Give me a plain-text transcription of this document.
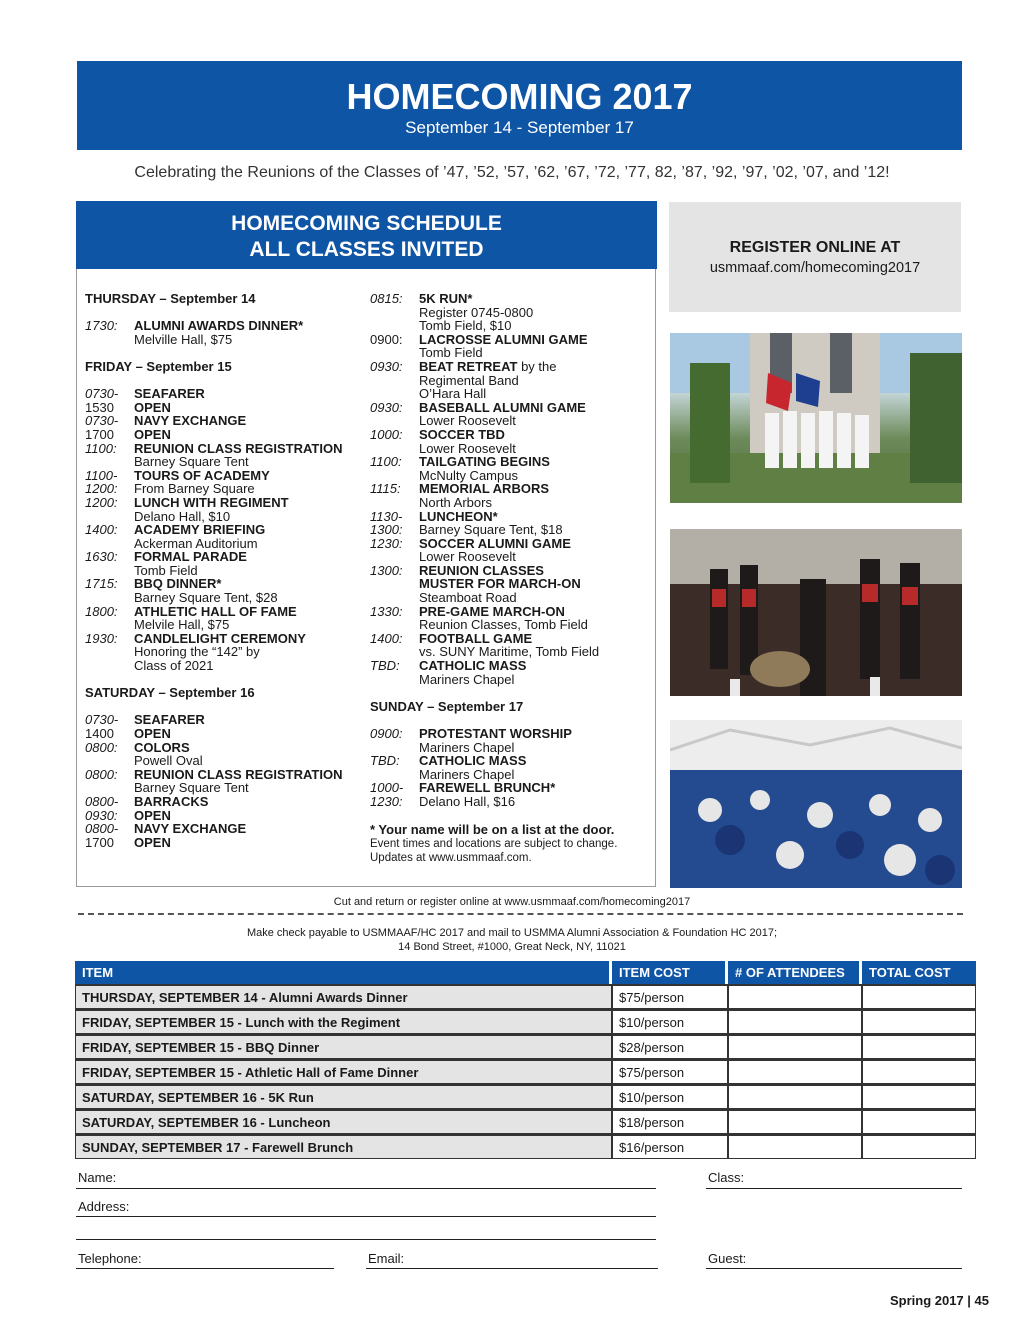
HOMECOMING 2017
September 14 - September 17
Celebrating the Reunions of the Classes of ’47, ’52, ’57, ’62, ’67, ’72, ’77, 82, ’87, ’92, ’97, ’02, ’07, and ’12!
HOMECOMING SCHEDULE
ALL CLASSES INVITED
THURSDAY – September 14
1730: ALUMNI AWARDS DINNER*
Melville Hall, $75
FRIDAY – September 15
0730- SEAFARER
1530 OPEN
0730- NAVY EXCHANGE
1700 OPEN
1100: REUNION CLASS REGISTRATION
Barney Square Tent
1100- TOURS OF ACADEMY
1200: From Barney Square
1200: LUNCH WITH REGIMENT
Delano Hall, $10
1400: ACADEMY BRIEFING
Ackerman Auditorium
1630: FORMAL PARADE
Tomb Field
1715: BBQ DINNER*
Barney Square Tent, $28
1800: ATHLETIC HALL OF FAME
Melvile Hall, $75
1930: CANDLELIGHT CEREMONY
Honoring the “142” by
Class of 2021
SATURDAY – September 16
0730- SEAFARER
1400 OPEN
0800: COLORS
Powell Oval
0800: REUNION CLASS REGISTRATION
Barney Square Tent
0800- BARRACKS
0930: OPEN
0800- NAVY EXCHANGE
1700 OPEN
0815: 5K RUN*
Register 0745-0800
Tomb Field, $10
0900: LACROSSE ALUMNI GAME
Tomb Field
0930: BEAT RETREAT by the
Regimental Band
O’Hara Hall
0930: BASEBALL ALUMNI GAME
Lower Roosevelt
1000: SOCCER TBD
Lower Roosevelt
1100: TAILGATING BEGINS
McNulty Campus
1115: MEMORIAL ARBORS
North Arbors
1130- LUNCHEON*
1300: Barney Square Tent, $18
1230: SOCCER ALUMNI GAME
Lower Roosevelt
1300: REUNION CLASSES
MUSTER FOR MARCH-ON
Steamboat Road
1330: PRE-GAME MARCH-ON
Reunion Classes, Tomb Field
1400: FOOTBALL GAME
vs. SUNY Maritime, Tomb Field
TBD: CATHOLIC MASS
Mariners Chapel
SUNDAY – September 17
0900: PROTESTANT WORSHIP
Mariners Chapel
TBD: CATHOLIC MASS
Mariners Chapel
1000- FAREWELL BRUNCH*
1230: Delano Hall, $16
* Your name will be on a list at the door.
Event times and locations are subject to change.
Updates at www.usmmaaf.com.
REGISTER ONLINE AT
usmmaaf.com/homecoming2017
Cut and return or register online at www.usmmaaf.com/homecoming2017
Make check payable to USMMAAF/HC 2017 and mail to USMMA Alumni Association & Foundation HC 2017;
14 Bond Street, #1000, Great Neck, NY, 11021
ITEM	ITEM COST	# OF ATTENDEES	TOTAL COST
THURSDAY, SEPTEMBER 14 - Alumni Awards Dinner	$75/person		
FRIDAY, SEPTEMBER 15 - Lunch with the Regiment	$10/person		
FRIDAY, SEPTEMBER 15 - BBQ Dinner	$28/person		
FRIDAY, SEPTEMBER 15 - Athletic Hall of Fame Dinner	$75/person		
SATURDAY, SEPTEMBER 16 - 5K Run	$10/person		
SATURDAY, SEPTEMBER 16 - Luncheon	$18/person		
SUNDAY, SEPTEMBER 17 - Farewell Brunch	$16/person		
Name:	Class:
Address:
Telephone:	Email:	Guest:
Spring 2017 | 45
